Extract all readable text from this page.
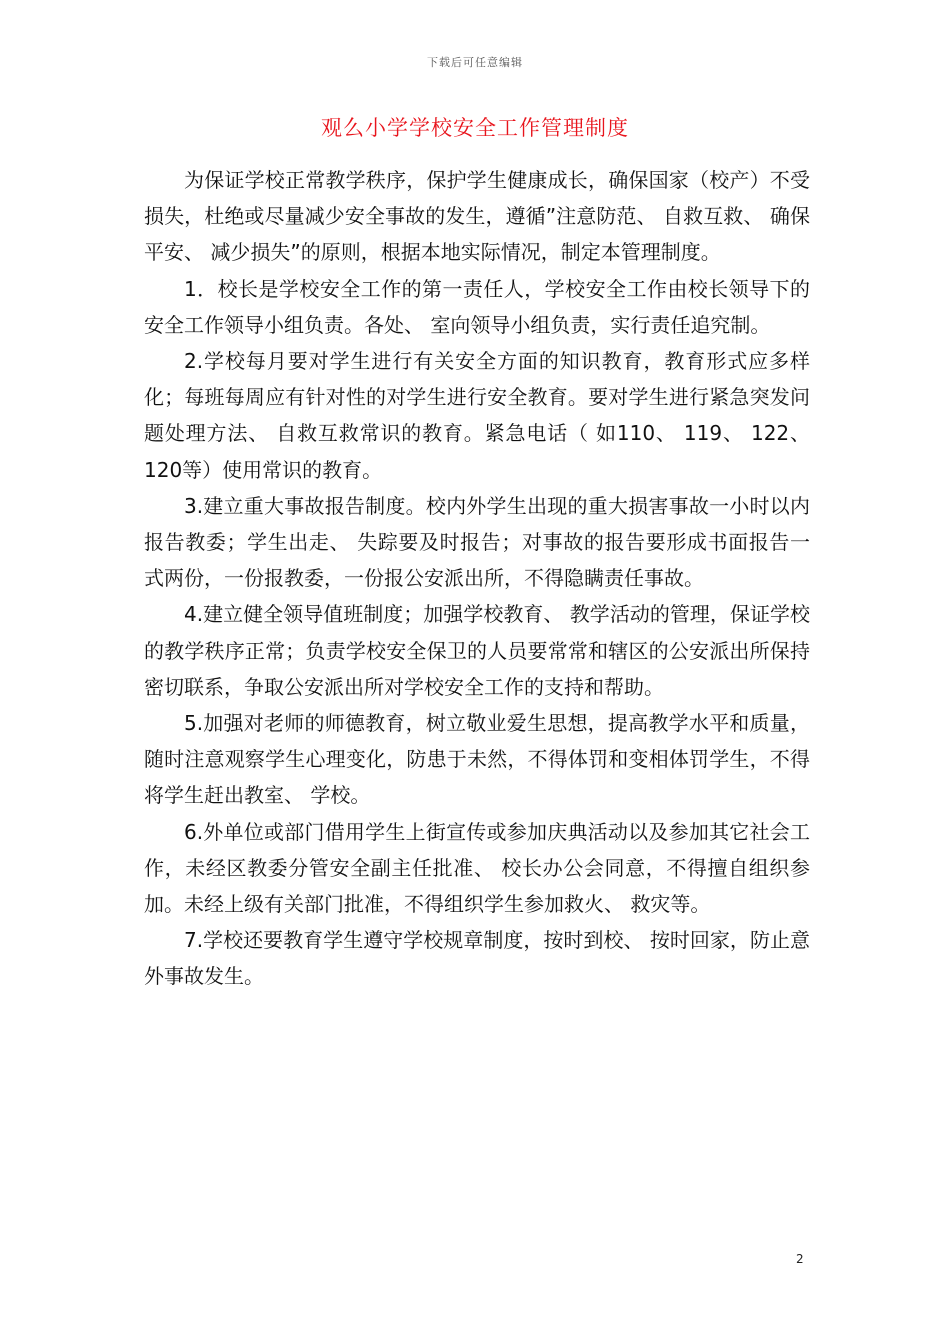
下载后可任意编辑
观么小学学校安全工作管理制度

为保证学校正常教学秩序，保护学生健康成长，确保国家（校产）不受损失，杜绝或尽量减少安全事故的发生，遵循”注意防范、 自救互救、 确保平安、 减少损失”的原则，根据本地实际情况，制定本管理制度。

1．校长是学校安全工作的第一责任人，学校安全工作由校长领导下的安全工作领导小组负责。各处、 室向领导小组负责，实行责任追究制。

2.学校每月要对学生进行有关安全方面的知识教育，教育形式应多样化；每班每周应有针对性的对学生进行安全教育。要对学生进行紧急突发问题处理方法、 自救互救常识的教育。紧急电话（ 如110、 119、 122、 120等）使用常识的教育。

3.建立重大事故报告制度。校内外学生出现的重大损害事故一小时以内报告教委；学生出走、 失踪要及时报告；对事故的报告要形成书面报告一式两份，一份报教委，一份报公安派出所，不得隐瞒责任事故。

4.建立健全领导值班制度；加强学校教育、 教学活动的管理，保证学校的教学秩序正常；负责学校安全保卫的人员要常常和辖区的公安派出所保持密切联系，争取公安派出所对学校安全工作的支持和帮助。

5.加强对老师的师德教育，树立敬业爱生思想，提高教学水平和质量，随时注意观察学生心理变化，防患于未然，不得体罚和变相体罚学生，不得将学生赶出教室、 学校。

6.外单位或部门借用学生上街宣传或参加庆典活动以及参加其它社会工作，未经区教委分管安全副主任批准、 校长办公会同意，不得擅自组织参加。未经上级有关部门批准，不得组织学生参加救火、 救灾等。

7.学校还要教育学生遵守学校规章制度，按时到校、 按时回家，防止意外事故发生。

2
